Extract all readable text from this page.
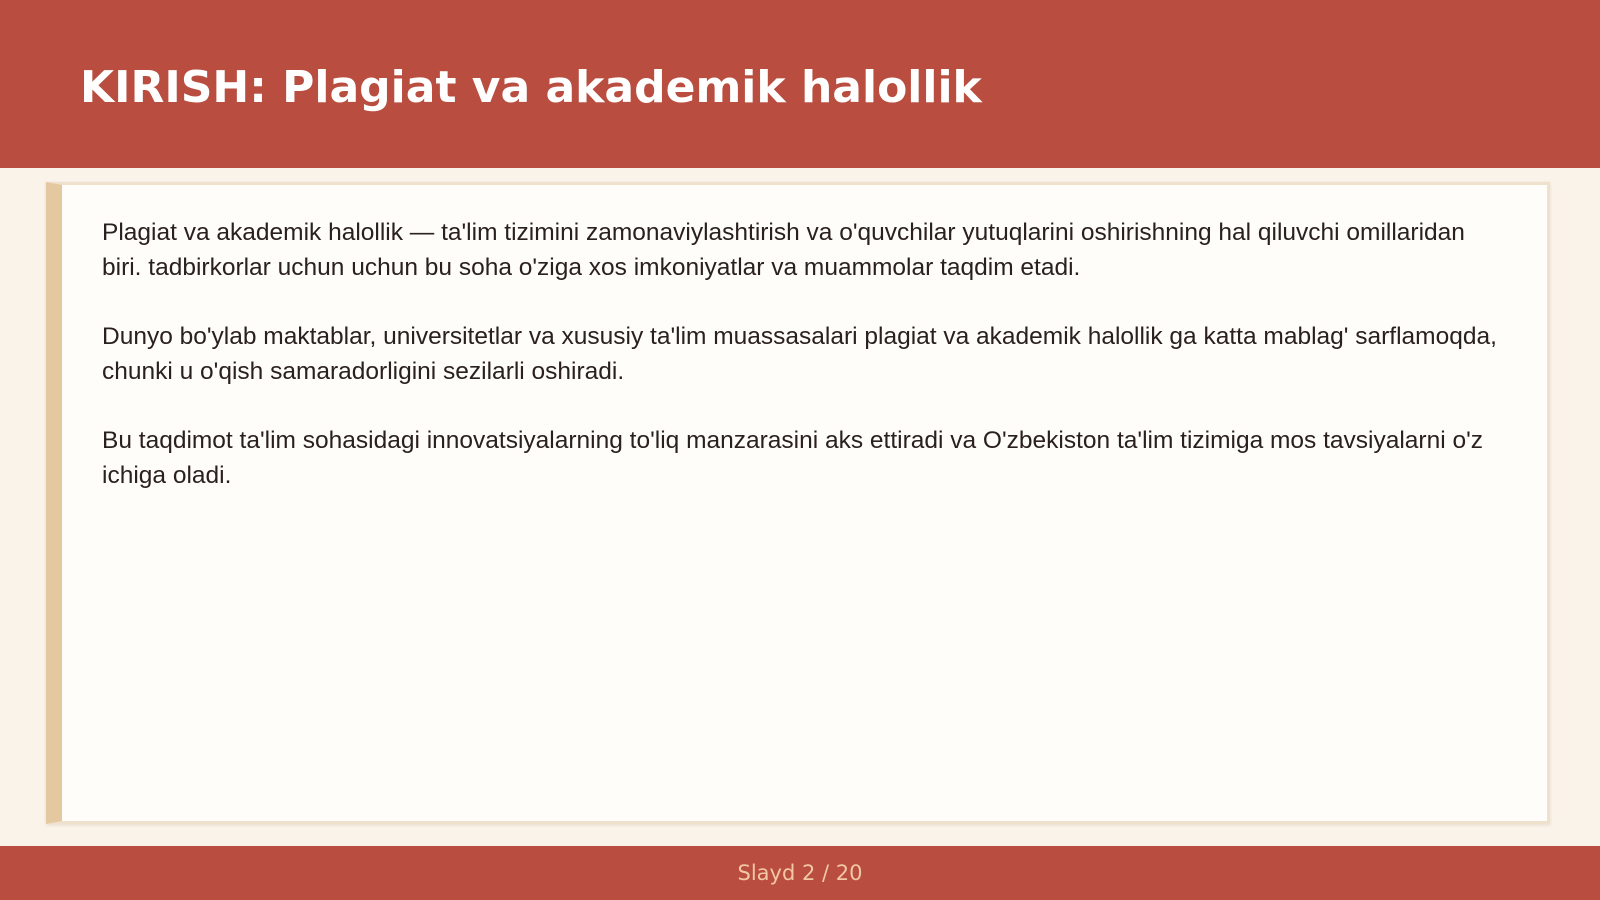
KIRISH: Plagiat va akademik halollik

Plagiat va akademik halollik — ta'lim tizimini zamonaviylashtirish va o'quvchilar yutuqlarini oshirishning hal qiluvchi omillaridan biri. tadbirkorlar uchun uchun bu soha o'ziga xos imkoniyatlar va muammolar taqdim etadi.

Dunyo bo'ylab maktablar, universitetlar va xususiy ta'lim muassasalari plagiat va akademik halollik ga katta mablag' sarflamoqda, chunki u o'qish samaradorligini sezilarli oshiradi.

Bu taqdimot ta'lim sohasidagi innovatsiyalarning to'liq manzarasini aks ettiradi va O'zbekiston ta'lim tizimiga mos tavsiyalarni o'z ichiga oladi.

Slayd 2 / 20
